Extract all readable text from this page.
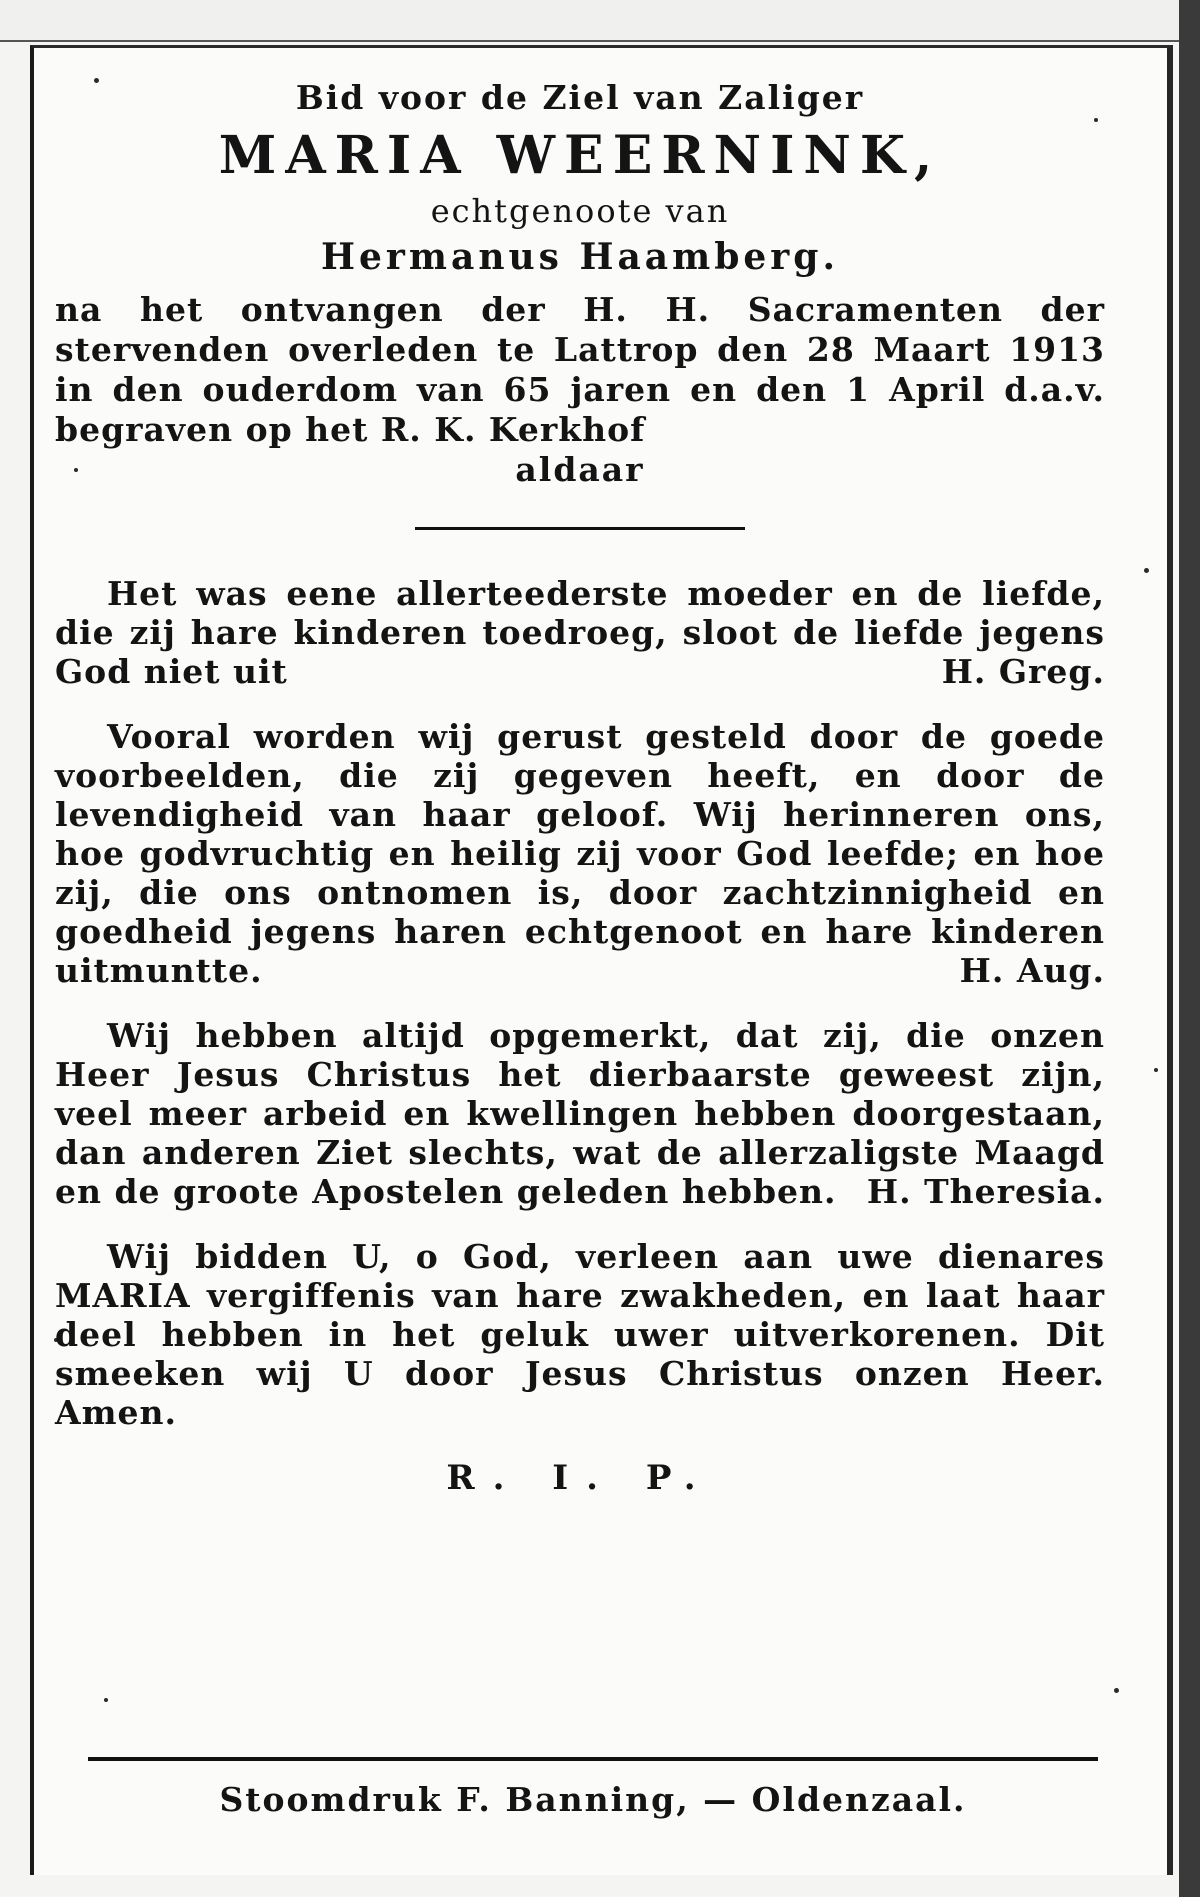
Bid voor de Ziel van Zaliger

MARIA WEERNINK,

echtgenoote van

Hermanus Haamberg.

na het ontvangen der H. H. Sacramenten der stervenden overleden te Lattrop den 28 Maart 1913 in den ouderdom van 65 jaren en den 1 April d.a.v. begraven op het R. K. Kerkhof

aldaar

Het was eene allerteederste moeder en de liefde, die zij hare kinderen toedroeg, sloot de liefde jegens God niet uit	H. Greg.

Vooral worden wij gerust gesteld door de goede voorbeelden, die zij gegeven heeft, en door de levendigheid van haar geloof. Wij herinneren ons, hoe godvruchtig en heilig zij voor God leefde; en hoe zij, die ons ontnomen is, door zachtzinnigheid en goedheid jegens haren echtgenoot en hare kinderen uitmuntte.	H. Aug.

Wij hebben altijd opgemerkt, dat zij, die onzen Heer Jesus Christus het dierbaarste geweest zijn, veel meer arbeid en kwellingen hebben doorgestaan, dan anderen Ziet slechts, wat de allerzaligste Maagd en de groote Apostelen geleden hebben. H. Theresia.

Wij bidden U, o God, verleen aan uwe dienares MARIA vergiffenis van hare zwakheden, en laat haar deel hebben in het geluk uwer uitverkorenen. Dit smeeken wij U door Jesus Christus onzen Heer. Amen.

R. I. P.

Stoomdruk F. Banning, — Oldenzaal.
